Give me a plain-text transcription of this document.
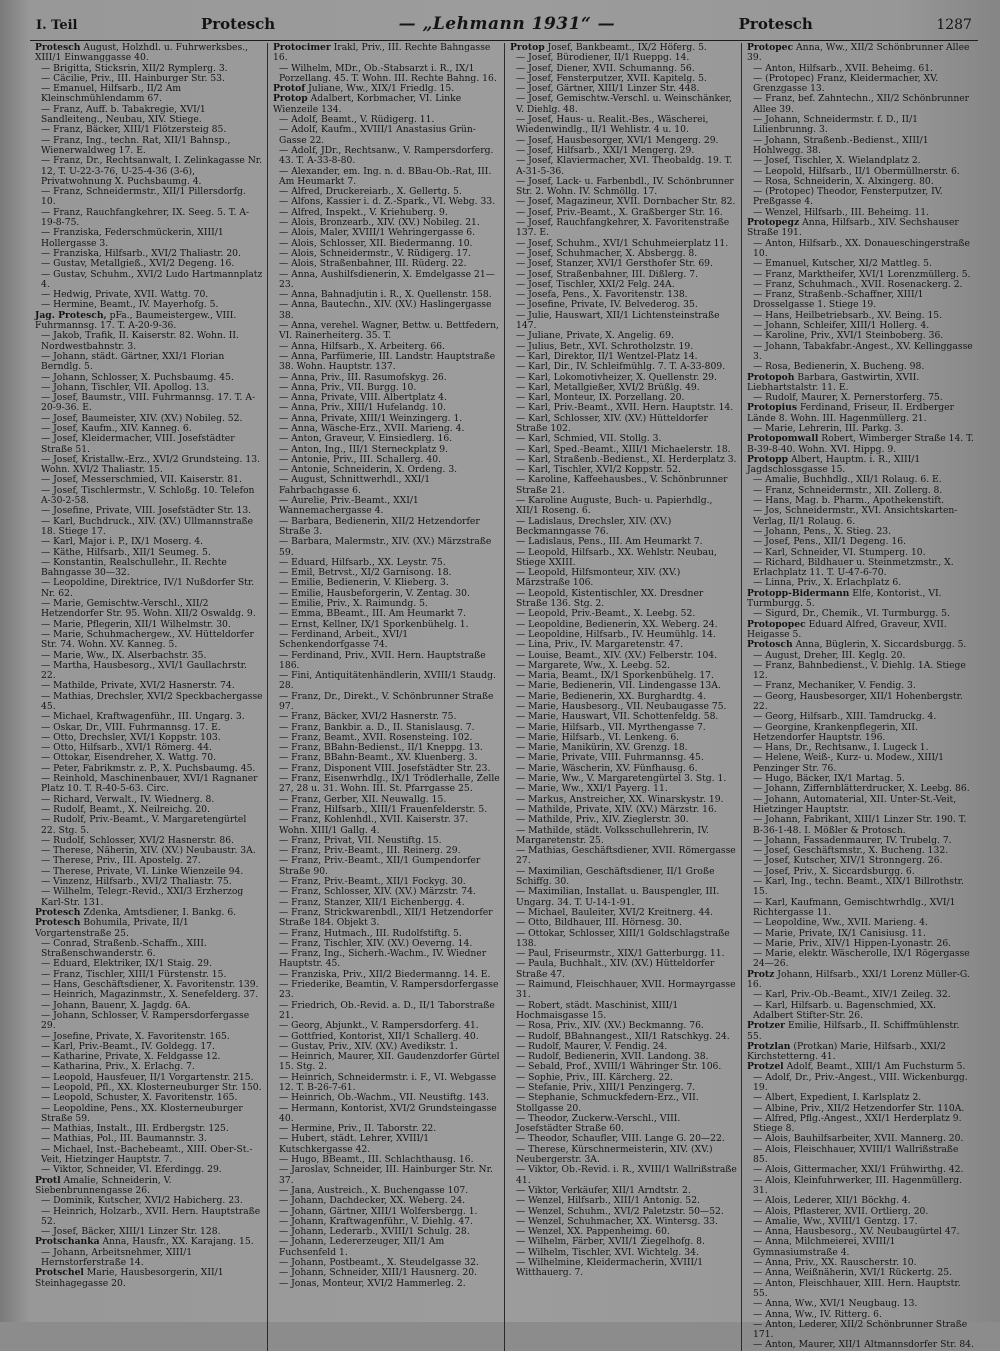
I. Teil	Protesch	— „Lehmann 1931“ —	Protesch	1287

Protesch August, Holzhdl. u. Fuhrwerksbes., XIII/1 Einwanggasse 40.

— Brigitta, Sticksrin, XII/2 Rymplerg. 3.

— Cäcilie, Priv., III. Hainburger Str. 53.

— Emanuel, Hilfsarb., II/2 Am Kleinschmühlendamm 67.

— Franz, Auff. b. Tabakregie, XVI/1 Sandleiteng., Neubau, XIV. Stiege.

— Franz, Bäcker, XIII/1 Flötzersteig 85.

— Franz, Ing., techn. Rat, XII/1 Bahnsp., Wienerwaldweg 17. E.

— Franz, Dr., Rechtsanwalt, I. Zelinkagasse Nr. 12, T. U-22-3-76, U-25-4-36 (3-6), Privatwohnung X. Puchsbaumg. 4.

— Franz, Schneidermstr., XII/1 Pillersdorfg. 10.

— Franz, Rauchfangkehrer, IX. Seeg. 5. T. A-19-8-75.

— Franziska, Federschmückerin, XIII/1 Hollergasse 3.

— Franziska, Hilfsarb., XVI/2 Thaliastr. 20.

— Gustav, Metallgieß., XVI/2 Degeng. 16.

— Gustav, Schuhm., XVI/2 Ludo Hartmannplatz 4.

— Hedwig, Private, XVII. Wattg. 70.

— Hermine, Beamt., IV. Mayerhofg. 5.

Jag. Protesch, pFa., Baumeistergew., VIII. Fuhrmannsg. 17. T. A-20-9-36.

— Jakob, Trafik, II. Kaiserstr. 82. Wohn. II. Nordwestbahnstr. 3.

— Johann, städt. Gärtner, XXI/1 Florian Berndlg. 5.

— Johann, Schlosser, X. Puchsbaumg. 45.

— Johann, Tischler, VII. Apollog. 13.

— Josef, Baumstr., VIII. Fuhrmannsg. 17. T. A-20-9-36. E.

— Josef, Baumeister, XIV. (XV.) Nobileg. 52.

— Josef, Kaufm., XIV. Kanneg. 6.

— Josef, Kleidermacher, VIII. Josefstädter Straße 51.

— Josef, Kristallw.-Erz., XVI/2 Grundsteing. 13. Wohn. XVI/2 Thaliastr. 15.

— Josef, Messerschmied, VII. Kaiserstr. 81.

— Josef, Tischlermstr., V. Schloßg. 10. Telefon A-30-2-58.

— Josefine, Private, VIII. Josefstädter Str. 13.

— Karl, Buchdruck., XIV. (XV.) Ullmannstraße 18. Stiege 17.

— Karl, Major i. P., IX/1 Moserg. 4.

— Käthe, Hilfsarb., XII/1 Seumeg. 5.

— Konstantin, Realschullehr., II. Rechte Bahngasse 30—32.

— Leopoldine, Direktrice, IV/1 Nußdorfer Str. Nr. 62.

— Marie, Gemischtw.-Verschl., XII/2 Hetzendorfer Str. 95. Wohn. XII/2 Oswaldg. 9.

— Marie, Pflegerin, XII/1 Wilhelmstr. 30.

— Marie, Schuhmachergew., XV. Hütteldorfer Str. 74. Wohn. XV. Kanneg. 5.

— Marie, Ww., IX. Alserbachstr. 35.

— Martha, Hausbesorg., XVI/1 Gaullachrstr. 22.

— Mathilde, Private, XVI/2 Hasnerstr. 74.

— Mathias, Drechsler, XVI/2 Speckbachergasse 45.

— Michael, Kraftwagenführ., III. Ungarg. 3.

— Oskar, Dr., VIII. Fuhrmannsg. 17. E.

— Otto, Drechsler, XVI/1 Koppstr. 103.

— Otto, Hilfsarb., XVI/1 Römerg. 44.

— Ottokar, Eisendreher, X. Wattg. 70.

— Peter, Fabrikmstr. z. P., X. Puchsbaumg. 45.

— Reinhold, Maschinenbauer, XVI/1 Ragnaner Platz 10. T. R-40-5-63. Circ.

— Richard, Verwalt., IV. Wiednerg. 8.

— Rudolf, Beamt., X. Neilreichg. 20.

— Rudolf, Priv.-Beamt., V. Margaretengürtel 22. Stg. 5.

— Rudolf, Schlosser, XVI/2 Hasnerstr. 86.

— Therese, Näherin, XIV. (XV.) Neubaustr. 3A.

— Therese, Priv., III. Apostelg. 27.

— Therese, Private, VI. Linke Wienzeile 94.

— Vinzenz, Hilfsarb., XVI/2 Thaliastr. 75.

— Wilhelm, Telegr.-Revid., XXI/3 Erzherzog Karl-Str. 131.

Protesch Zdenka, Amtsdiener, I. Bankg. 6.

Protesch Bohumila, Private, II/1 Vorgartenstraße 25.

— Conrad, Straßenb.-Schaffn., XIII. Straßenschwanderstr. 6.

— Eduard, Elektriker, IX/1 Staig. 29.

— Franz, Tischler, XIII/1 Fürstenstr. 15.

— Hans, Geschäftsdiener, X. Favoritenstr. 139.

— Heinrich, Magazinmstr., X. Senefelderg. 37.

— Johann, Bauenr, X. Jagdg. 6A.

— Johann, Schlosser, V. Rampersdorfergasse 29.

— Josefine, Private, X. Favoritenstr. 165.

— Karl, Priv.-Beamt., IV. Goldegg. 17.

— Katharine, Private, X. Feldgasse 12.

— Katharina, Priv., X. Erlachg. 7.

— Leopold, Hausfeuer, II/1 Vorgartenstr. 215.

— Leopold, Pfl., XX. Klosterneuburger Str. 150.

— Leopold, Schuster, X. Favoritenstr. 165.

— Leopoldine, Pens., XX. Klosterneuburger Straße 59.

— Mathias, Instalt., III. Erdbergstr. 125.

— Mathias, Pol., III. Baumannstr. 3.

— Michael, Inst.-Bachebeamt., XIII. Ober-St.-Veit, Hietzinger Hauptstr. 7.

— Viktor, Schneider, VI. Eferdingg. 29.

Protl Amalie, Schneiderin, V. Siebenbrunnengasse 26.

— Dominik, Kutscher, XVI/2 Habicherg. 23.

— Heinrich, Holzarb., XVII. Hern. Hauptstraße 52.

— Josef, Bäcker, XIII/1 Linzer Str. 128.

Protschanka Anna, Hausfr., XX. Karajang. 15.

— Johann, Arbeitsnehmer, XIII/1 Hernstorferstraße 14.

Protschel Marie, Hausbesorgerin, XII/1 Steinhagegasse 20.

Protocimer Irakl, Priv., III. Rechte Bahngasse 16.

— Wilhelm, MDr., Ob.-Stabsarzt i. R., IX/1 Porzellang. 45. T. Wohn. III. Rechte Bahng. 16.

Protof Juliane, Ww., XIX/1 Friedlg. 15.

Protop Adalbert, Korbmacher, VI. Linke Wienzeile 134.

— Adolf, Beamt., V. Rüdigerg. 11.

— Adolf, Kaufm., XVIII/1 Anastasius Grün-Gasse 22.

— Adolf, JDr., Rechtsanw., V. Rampersdorferg. 43. T. A-33-8-80.

— Alexander, em. Ing. n. d. BBau-Ob.-Rat, III. Am Heumarkt 7.

— Alfred, Druckereiarb., X. Gellertg. 5.

— Alfons, Kassier i. d. Z.-Spark., VI. Webg. 33.

— Alfred, Inspekt., V. Kriehuberg. 9.

— Alois, Bronzearb., XIV. (XV.) Nobileg. 21.

— Alois, Maler, XVIII/1 Wehringergasse 6.

— Alois, Schlosser, XII. Biedermanng. 10.

— Alois, Schneidermstr., V. Rüdigerg. 17.

— Alois, Straßenbahner, III. Rüderg. 22.

— Anna, Aushilfsdienerin, X. Emdelgasse 21—23.

— Anna, Bahnadjutin i. R., X. Quellenstr. 158.

— Anna, Bautechn., XIV. (XV.) Haslingergasse 38.

— Anna, verehel. Wagner, Bettw. u. Bettfedern, VI. Rainerheiterg. 35. T.

— Anna, Hilfsarb., X. Arbeiterg. 66.

— Anna, Parfümerie, III. Landstr. Hauptstraße 38. Wohn. Hauptstr. 137.

— Anna, Priv., III. Rasumofskyg. 26.

— Anna, Priv., VII. Burgg. 10.

— Anna, Private, VIII. Albertplatz 4.

— Anna, Priv., XIII/1 Hufelandg. 10.

— Anna, Private, XIII/1 Weinzingerg. 1.

— Anna, Wäsche-Erz., XVII. Marieng. 4.

— Anton, Graveur, V. Einsiedlerg. 16.

— Anton, Ing., III/1 Sterneckplatz 9.

— Antonie, Priv., III. Schallerg. 40.

— Antonie, Schneiderin, X. Ordeng. 3.

— August, Schnittwerhdl., XXI/1 Fahrbachgasse 6.

— Aurelie, Priv.-Beamt., XXI/1 Wannemachergasse 4.

— Barbara, Bedienerin, XII/2 Hetzendorfer Straße 3.

— Barbara, Malermstr., XIV. (XV.) Märzstraße 59.

— Eduard, Hilfsarb., XX. Leystr. 75.

— Emil, Betrvst., XI/2 Garnisong. 18.

— Emilie, Bedienerin, V. Klieberg. 3.

— Emilie, Hausbeforgerin, V. Zentag. 30.

— Emilie, Priv., X. Raimundg. 5.

— Emma, BBeamt., III. Am Heumarkt 7.

— Ernst, Kellner, IX/1 Sporkenbühelg. 1.

— Ferdinand, Arbeit., XVI/1 Schenkendorfgasse 74.

— Ferdinand, Priv., XVII. Hern. Hauptstraße 186.

— Fini, Antiquitätenhändlerin, XVIII/1 Staudg. 28.

— Franz, Dr., Direkt., V. Schönbrunner Straße 97.

— Franz, Bäcker, XVI/2 Hasnerstr. 75.

— Franz, Bankbir. a. D., II. Stanislausg. 7.

— Franz, Beamt., XVII. Rosensteing. 102.

— Franz, BBahn-Bedienst., II/1 Kneppg. 13.

— Franz, BBahn-Beamt., XV. Kluenberg. 3.

— Franz, Disponent VIII. Josefstädter Str. 23.

— Franz, Eisenwrhdlg., IX/1 Trödlerhalle, Zelle 27, 28 u. 31. Wohn. III. St. Pfarrgasse 25.

— Franz, Gerber, XII. Neuwallg. 15.

— Franz, Hilfsarb., XIII/1 Frauenfelderstr. 5.

— Franz, Kohlenhdl., XVII. Kaiserstr. 37. Wohn. XIII/1 Gallg. 4.

— Franz, Privat, VII. Neustiftg. 15.

— Franz, Priv.-Beamt., III. Reinerg. 29.

— Franz, Priv.-Beamt., XII/1 Gumpendorfer Straße 90.

— Franz, Priv.-Beamt., XII/1 Fockyg. 30.

— Franz, Schlosser, XIV. (XV.) Märzstr. 74.

— Franz, Stanzer, XII/1 Eichenbergg. 4.

— Franz, Strickwarenbdl., XII/1 Hetzendorfer Straße 184. Objekt 3.

— Franz, Hutmach., III. Rudolfstiftg. 5.

— Franz, Tischler, XIV. (XV.) Oeverng. 14.

— Franz, Ing., Sicherh.-Wachm., IV. Wiedner Hauptstr. 45.

— Franziska, Priv., XII/2 Biedermanng. 14. E.

— Friederike, Beamtin, V. Rampersdorfergasse 23.

— Friedrich, Ob.-Revid. a. D., II/1 Taborstraße 21.

— Georg, Abjunkt., V. Rampersdorferg. 41.

— Gottfried, Kontorist, XII/1 Schallerg. 40.

— Gustav, Priv., XIV. (XV.) Avedikstr. 1.

— Heinrich, Maurer, XII. Gaudenzdorfer Gürtel 15. Stg. 2.

— Heinrich, Schneidermstr. i. F., VI. Webgasse 12. T. B-26-7-61.

— Heinrich, Ob.-Wachm., VII. Neustiftg. 143.

— Hermann, Kontorist, XVI/2 Grundsteingasse 40.

— Hermine, Priv., II. Taborstr. 22.

— Hubert, städt. Lehrer, XVIII/1 Kutschkergasse 42.

— Hugo, BBeamt., III. Schlachthausg. 16.

— Jaroslav, Schneider, III. Hainburger Str. Nr. 37.

— Jana, Austreich., X. Buchengasse 107.

— Johann, Dachdecker, XX. Weberg. 24.

— Johann, Gärtner, XIII/1 Wolfersbergg. 1.

— Johann, Kraftwagenführ., V. Diehlg. 47.

— Johann, Lederarb., XVIII/1 Schulg. 28.

— Johann, Ledererzeuger, XII/1 Am Fuchsenfeld 1.

— Johann, Postbeamt., X. Steudelgasse 32.

— Johann, Schneider, XIII/1 Hausnerg. 20.

— Jonas, Monteur, XVI/2 Hammerleg. 2.

Protop Josef, Bankbeamt., IX/2 Höferg. 5.

— Josef, Bürodiener, II/1 Rueppg. 14.

— Josef, Diener, XVII. Schumanng. 56.

— Josef, Fensterputzer, XVII. Kapitelg. 5.

— Josef, Gärtner, XIII/1 Linzer Str. 448.

— Josef, Gemischtw.-Verschl. u. Weinschänker, V. Diehlg. 48.

— Josef, Haus- u. Realit.-Bes., Wäscherei, Wiedenwindlg., II/1 Wehlistr. 4 u. 10.

— Josef, Hausbesorger, XVI/1 Mengerg. 29.

— Josef, Hilfsarb., XXI/1 Mengerg. 29.

— Josef, Klaviermacher, XVI. Theobaldg. 19. T. A-31-5-36.

— Josef, Lack- u. Farbenbdl., IV. Schönbrunner Str. 2. Wohn. IV. Schmöllg. 17.

— Josef, Magazineur, XVII. Dornbacher Str. 82.

— Josef, Priv.-Beamt., X. Graßberger Str. 16.

— Josef, Rauchfangkehrer, X. Favoritenstraße 137. E.

— Josef, Schuhm., XVI/1 Schuhmeierplatz 11.

— Josef, Schuhmacher, X. Absbergg. 8.

— Josef, Stanzer, XVI/1 Gersthofer Str. 69.

— Josef, Straßenbahner, III. Dißlerg. 7.

— Josef, Tischler, XXI/2 Felg. 24A.

— Josefa, Pens., X. Favoritenstr. 138.

— Josefine, Private, IV. Belvederog. 35.

— Julie, Hauswart, XII/1 Lichtensteinstraße 147.

— Juliane, Private, X. Angelig. 69.

— Julius, Betr., XVI. Schrotholzstr. 19.

— Karl, Direktor, II/1 Wentzel-Platz 14.

— Karl, Dir., IV. Schleifmühlg. 7. T. A-33-809.

— Karl, Lokomotivheizer, X. Quellenstr. 29.

— Karl, Metallgießer, XVI/2 Brüßlg. 49.

— Karl, Monteur, IX. Porzellang. 20.

— Karl, Priv.-Beamt., XVII. Hern. Hauptstr. 14.

— Karl, Schlosser, XIV. (XV.) Hütteldorfer Straße 102.

— Karl, Schmied, VII. Stollg. 3.

— Karl, Sped.-Beamt., XIII/1 Michaelerstr. 18.

— Karl, Straßenb.-Bedienst., XI. Herderplatz 3.

— Karl, Tischler, XVI/2 Koppstr. 52.

— Karoline, Kaffeehausbes., V. Schönbrunner Straße 21.

— Karoline Auguste, Buch- u. Papierhdlg., XII/1 Roseng. 6.

— Ladislaus, Drechsler, XIV. (XV.) Beckmanngasse 76.

— Ladislaus, Pens., III. Am Heumarkt 7.

— Leopold, Hilfsarb., XX. Wehlstr. Neubau, Stiege XXIII.

— Leopold, Hilfsmonteur, XIV. (XV.) Märzstraße 106.

— Leopold, Kistentischler, XX. Dresdner Straße 136. Stg. 2.

— Leopold, Priv.-Beamt., X. Leebg. 52.

— Leopoldine, Bedienerin, XX. Weberg. 24.

— Leopoldine, Hilfsarb., IV. Heumühlg. 14.

— Lina, Priv., IV. Margaretenstr. 47.

— Louise, Beamt., XIV. (XV.) Felberstr. 104.

— Margarete, Ww., X. Leebg. 52.

— Maria, Beamt., IX/1 Sporkenbühelg. 17.

— Marie, Bedienerin, VII. Lindengasse 13A.

— Marie, Bedienerin, XX. Burghardtg. 4.

— Marie, Hausbesorg., VII. Neubaugasse 75.

— Marie, Hauswart, VII. Schottenfeldg. 58.

— Marie, Hilfsarb., VII. Myrthengasse 7.

— Marie, Hilfsarb., VI. Lenkeng. 6.

— Marie, Manikürin, XV. Grenzg. 18.

— Marie, Private, VIII. Fuhrmannsg. 45.

— Marie, Wäscherin, XV. Fünfhausg. 6.

— Marie, Ww., V. Margaretengürtel 3. Stg. 1.

— Marie, Ww., XXI/1 Payerg. 11.

— Markus, Anstreicher, XX. Winarskystr. 19.

— Mathilde, Private, XIV. (XV.) Märzstr. 16.

— Mathilde, Priv., XIV. Zieglerstr. 30.

— Mathilde, städt. Volksschullehrerin, IV. Margaretenstr. 25.

— Mathias, Geschäftsdiener, XVII. Römergasse 27.

— Maximilian, Geschäftsdiener, II/1 Große Schiffg. 30.

— Maximilian, Installat. u. Bauspengler, III. Ungarg. 34. T. U-14-1-91.

— Michael, Bauleiter, XVI/2 Kreitnerg. 44.

— Otto, Bildhauer, III. Hörnesg. 30.

— Ottokar, Schlosser, XIII/1 Goldschlagstraße 138.

— Paul, Friseurmstr., XIX/1 Gatterburgg. 11.

— Paula, Buchhalt., XIV. (XV.) Hütteldorfer Straße 47.

— Raimund, Fleischhauer, XVII. Hormayrgasse 31.

— Robert, städt. Maschinist, XIII/1 Hochmaisgasse 15.

— Rosa, Priv., XIV. (XV.) Beckmanng. 76.

— Rudolf, BBahnangest., XII/1 Ratschkyg. 24.

— Rudolf, Maurer, V. Fendig. 24.

— Rudolf, Bedienerin, XVII. Landong. 38.

— Sebald, Prof., XVIII/1 Währinger Str. 106.

— Sophie, Priv., III. Kärcherg. 22.

— Stefanie, Priv., XIII/1 Penzingerg. 7.

— Stephanie, Schmuckfedern-Erz., VII. Stollgasse 20.

— Theodor, Zuckerw.-Verschl., VIII. Josefstädter Straße 60.

— Theodor, Schaufler, VIII. Lange G. 20—22.

— Therese, Kürschnermeisterin, XIV. (XV.) Neubergerstr. 3A.

— Viktor, Ob.-Revid. i. R., XVIII/1 Wallrißstraße 41.

— Viktor, Verkäufer, XII/1 Arndtstr. 2.

— Wenzel, Hilfsarb., XIII/1 Antonig. 52.

— Wenzel, Schuhm., XVI/2 Paletzstr. 50—52.

— Wenzel, Schuhmacher, XX. Wintersg. 33.

— Wenzel, XX. Pappenheimg. 60.

— Wilhelm, Färber, XVII/1 Ziegelhofg. 8.

— Wilhelm, Tischler, XVI. Wichtelg. 34.

— Wilhelmine, Kleidermacherin, XVIII/1 Witthauerg. 7.

Protopec Anna, Ww., XII/2 Schönbrunner Allee 39.

— Anton, Hilfsarb., XVII. Beheimg. 61.

— (Protopec) Franz, Kleidermacher, XV. Grenzgasse 13.

— Franz, bef. Zahntechn., XII/2 Schönbrunner Allee 39.

— Johann, Schneidermstr. f. D., II/1 Lilienbrunng. 3.

— Johann, Straßenb.-Bedienst., XIII/1 Hohlwegg. 38.

— Josef, Tischler, X. Wielandplatz 2.

— Leopold, Hilfsarb., II/1 Obermüllnerstr. 6.

— Rosa, Schneiderin, X. Alxingerg. 80.

— (Protopec) Theodor, Fensterputzer, IV. Preßgasse 4.

— Wenzel, Hilfsarb., III. Beheimg. 11.

Protopegz Anna, Hilfsarb., XIV. Sechshauser Straße 191.

— Anton, Hilfsarb., XX. Donaueschingerstraße 10.

— Emanuel, Kutscher, XI/2 Mattleg. 5.

— Franz, Marktheifer, XVI/1 Lorenzmüllerg. 5.

— Franz, Schuhmach., XVII. Rosenackerg. 2.

— Franz, Straßenb.-Schaffner, XIII/1 Drosselgasse 1. Stiege 19.

— Hans, Heilbetriebsarb., XV. Being. 15.

— Johann, Schleifer, XIII/1 Hollerg. 4.

— Karoline, Priv., XVI/1 Steinboberg. 36.

— Johann, Tabakfabr.-Angest., XV. Kellinggasse 3.

— Rosa, Bedienerin, X. Bucheng. 98.

Protopoh Barbara, Gastwirtin, XVII. Liebhartstalstr. 11. E.

— Rudolf, Maurer, X. Pernerstorferg. 75.

Protopius Ferdinand, Friseur, II. Erdberger Lände 8. Wohn. III. Hagenmüllerg. 21.

— Marie, Lehrerin, III. Parkg. 3.

Protopomwall Robert, Wimberger Straße 14. T. B-39-8-40. Wohn. XVI. Hippg. 9.

Protopp Albert, Hauptm. i. R., XIII/1 Jagdschlossgasse 15.

— Amalie, Buchhdlg., XII/1 Rolaug. 6. E.

— Franz, Schneidermstr., XII. Zollerg. 8.

— Hans, Mag. b. Pharm., Apothekenstift.

— Jos, Schneidermstr., XVI. Ansichtskarten-Verlag, II/1 Rolaug. 6.

— Johann, Pens., X. Stieg. 23.

— Josef, Pens., XII/1 Degeng. 16.

— Karl, Schneider, VI. Stumperg. 10.

— Richard, Bildhauer u. Steinmetzmstr., X. Erlachplatz 11. T. U-47-6-70.

— Linna, Priv., X. Erlachplatz 6.

Protopp-Bidermann Elfe, Kontorist., VI. Turmburgg. 5.

— Sigurd, Dr., Chemik., VI. Turmburgg. 5.

Protopopec Eduard Alfred, Graveur, XVII. Heigasse 5.

Protosch Anna, Büglerin, X. Siccardsburgg. 5.

— August, Dreher, III. Keglg. 20.

— Franz, Bahnbedienst., V. Diehlg. 1A. Stiege 12.

— Franz, Mechaniker, V. Fendig. 3.

— Georg, Hausbesorger, XII/1 Hohenbergstr. 22.

— Georg, Hilfsarb., XIII. Tamdruckg. 4.

— Georgine, Krankenpflegerin, XII. Hetzendorfer Hauptstr. 196.

— Hans, Dr., Rechtsanw., I. Lugeck 1.

— Helene, Weiß-, Kurz- u. Modew., XIII/1 Penzinger Str. 76.

— Hugo, Bäcker, IX/1 Martag. 5.

— Johann, Ziffernblätterdrucker, X. Leebg. 86.

— Johann, Automaterial, XII. Unter-St.-Veit, Hietzinger Hauptstr.

— Johann, Fabrikant, XIII/1 Linzer Str. 190. T. B-36-1-48. I. Mößler & Protosch.

— Johann, Fassadenmaurer, IV. Trubelg. 7.

— Josef, Geschäftsmstr., X. Bucheng. 132.

— Josef, Kutscher, XIV/1 Stronngerg. 26.

— Josef, Priv., X. Siccardsburgg. 6.

— Karl, Ing., techn. Beamt., XIX/1 Billrothstr. 15.

— Karl, Kaufmann, Gemischtwrhdlg., XVI/1 Richtergasse 11.

— Leopoldine, Ww., XVII. Marieng. 4.

— Marie, Private, IX/1 Canisiusg. 11.

— Marie, Priv., XIV/1 Hippen-Lyonastr. 26.

— Marie, elektr. Wäscherolle, IX/1 Rögergasse 24—26.

Protz Johann, Hilfsarb., XXI/1 Lorenz Müller-G. 16.

— Karl, Priv.-Ob.-Beamt., XIV/1 Zeileg. 32.

— Karl, Hilfsarb. u. Bagenschmied, XX. Adalbert Stifter-Str. 26.

Protzer Emilie, Hilfsarb., II. Schiffmühlenstr. 55.

Protzlan (Protkan) Marie, Hilfsarb., XXI/2 Kirchstetterng. 41.

Protzel Adolf, Beamt., XIII/1 Am Fuchsturm 5.

— Adolf, Dr., Priv.-Angest., VIII. Wickenburgg. 19.

— Albert, Expedient, I. Karlsplatz 2.

— Albine, Priv., XII/2 Hetzendorfer Str. 110A.

— Alfred, Pflg.-Angest., XXI/1 Herderplatz 9. Stiege 8.

— Alois, Bauhilfsarbeiter, XVII. Mannerg. 20.

— Alois, Fleischhauer, XVIII/1 Wallrißstraße 85.

— Alois, Gittermacher, XXI/1 Frühwirthg. 42.

— Alois, Kleinfuhrwerker, III. Hagenmüllerg. 31.

— Alois, Lederer, XII/1 Böckhg. 4.

— Alois, Pflasterer, XVII. Ortlierg. 20.

— Amalie, Ww., XVIII/1 Gentzg. 17.

— Anna, Hausbesorg., XV. Neubaugürtel 47.

— Anna, Milchmeierei, XVIII/1 Gymnasiumstraße 4.

— Anna, Priv., XX. Rauscherstr. 10.

— Anna, Weißnäherin, XVI/1 Rückertg. 25.

— Anton, Fleischhauer, XIII. Hern. Hauptstr. 55.

— Anna, Ww., XVI/1 Neugbaug. 13.

— Anna, Ww., IV. Ritterg. 6.

— Anton, Lederer, XII/2 Schönbrunner Straße 171.

— Anton, Maurer, XII/1 Altmannsdorfer Str. 84.
